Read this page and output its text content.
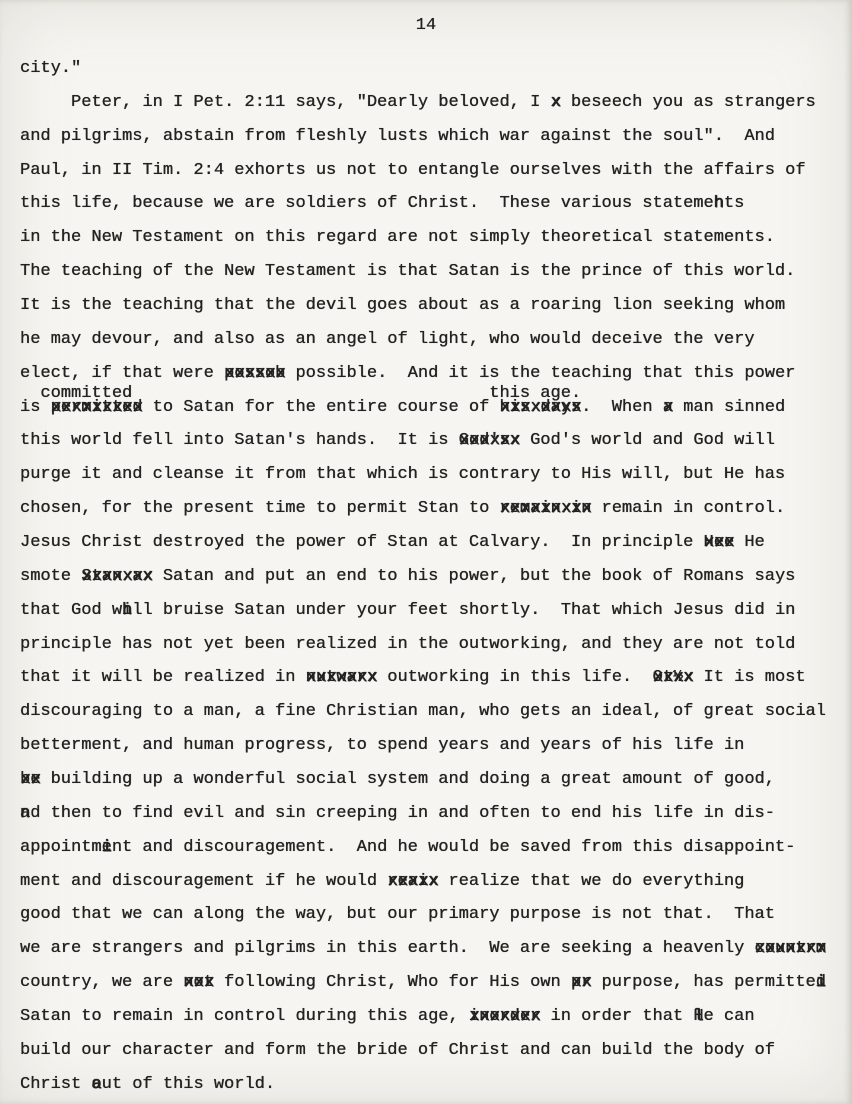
14
city."
Peter, in I Pet. 2:11 says, "Dearly beloved, I x x beseech you as strangers
and pilgrims, abstain from fleshly lusts which war against the soul".  And
Paul, in II Tim. 2:4 exhorts us not to entangle ourselves with the affairs of
this life, because we are soldiers of Christ.  These various statemen hts
in the New Testament on this regard are not simply theoretical statements.
The teaching of the New Testament is that Satan is the prince of this world.
It is the teaching that the devil goes about as a roaring lion seeking whom
he may devour, and also as an angel of light, who would deceive the very
elect, if that were possob xxxxxx possible.  And it is the teaching that this power
committed                                   this age.
is permitted xxxxxxxxx to Satan for the entire course of his days xxxxxxxx.  When a x man sinned
this world fell into Satan's hands.  It is God'sx xxxxxx God's world and God will
purge it and cleanse it from that which is contrary to His will, but He has
chosen, for the present time to permit Stan to remain in xxxxxxxxx remain in control.
Jesus Christ destroyed the power of Stan at Calvary.  In principle Hee xxx He
smote Stan ax xxxxxxx Satan and put an end to his power, but the book of Romans says
that God wi hll bruise Satan under your feet shortly.  That which Jesus did in
principle has not yet been realized in the outworking, and they are not told
that it will be realized in nutwarx xxxxxxx outworking in this life.  Ot½x xxxx It is most
discouraging to a man, a fine Christian man, who gets an ideal, of great social
betterment, and human progress, to spend years and years of his life in
be xx building up a wonderful social system and doing a great amount of good,
a nd then to find evil and sin creeping in and often to end his life in dis-
appointme int and discouragement.  And he would be saved from this disappoint-
ment and discouragement if he would reaix xxxxx realize that we do everything
good that we can along the way, but our primary purpose is not that.  That
we are strangers and pilgrims in this earth.  We are seeking a heavenly countrm xxxxxxx
country, we are not xxx following Christ, Who for His own pr xx purpose, has permitted i
Satan to remain in control during this age, inorder xxxxxxx in order that H le can
build our character and form the bride of Christ and can build the body of
Christ o aut of this world.
